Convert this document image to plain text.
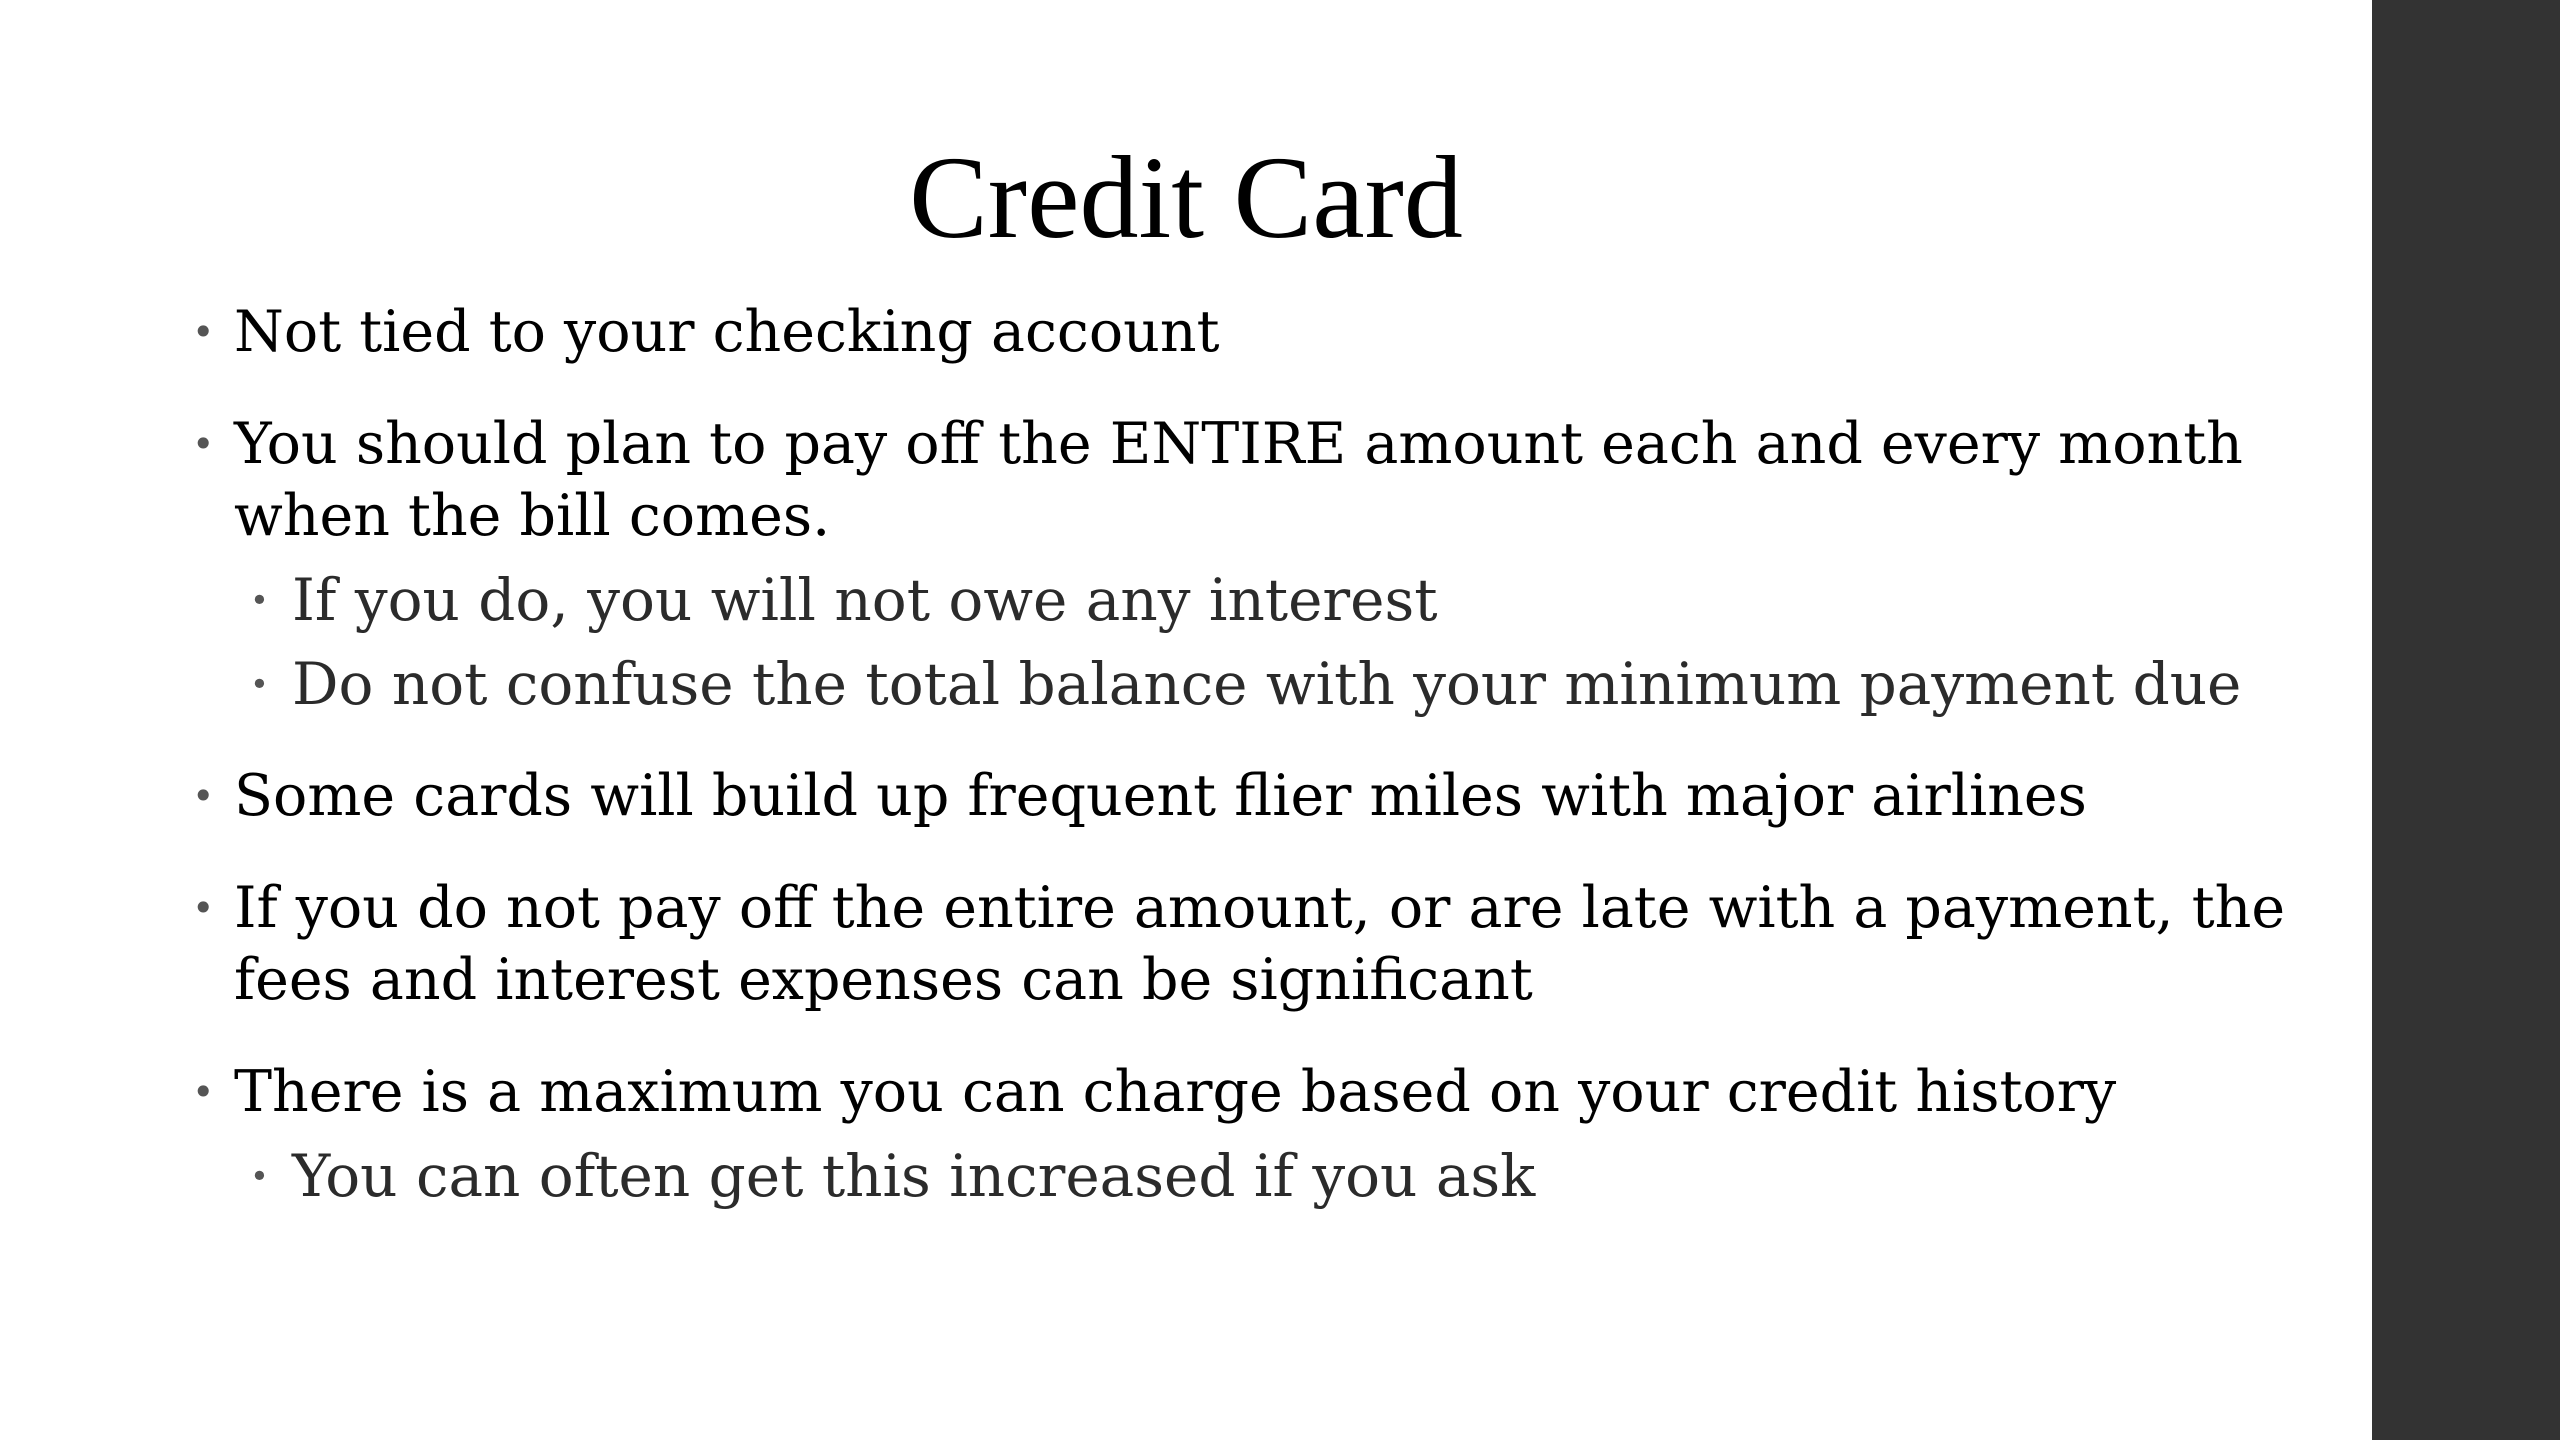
Credit Card
• Not tied to your checking account
• You should plan to pay off the ENTIRE amount each and every month when the bill comes.
• If you do, you will not owe any interest
• Do not confuse the total balance with your minimum payment due
• Some cards will build up frequent flier miles with major airlines
• If you do not pay off the entire amount, or are late with a payment, the fees and interest expenses can be significant
• There is a maximum you can charge based on your credit history
• You can often get this increased if you ask
